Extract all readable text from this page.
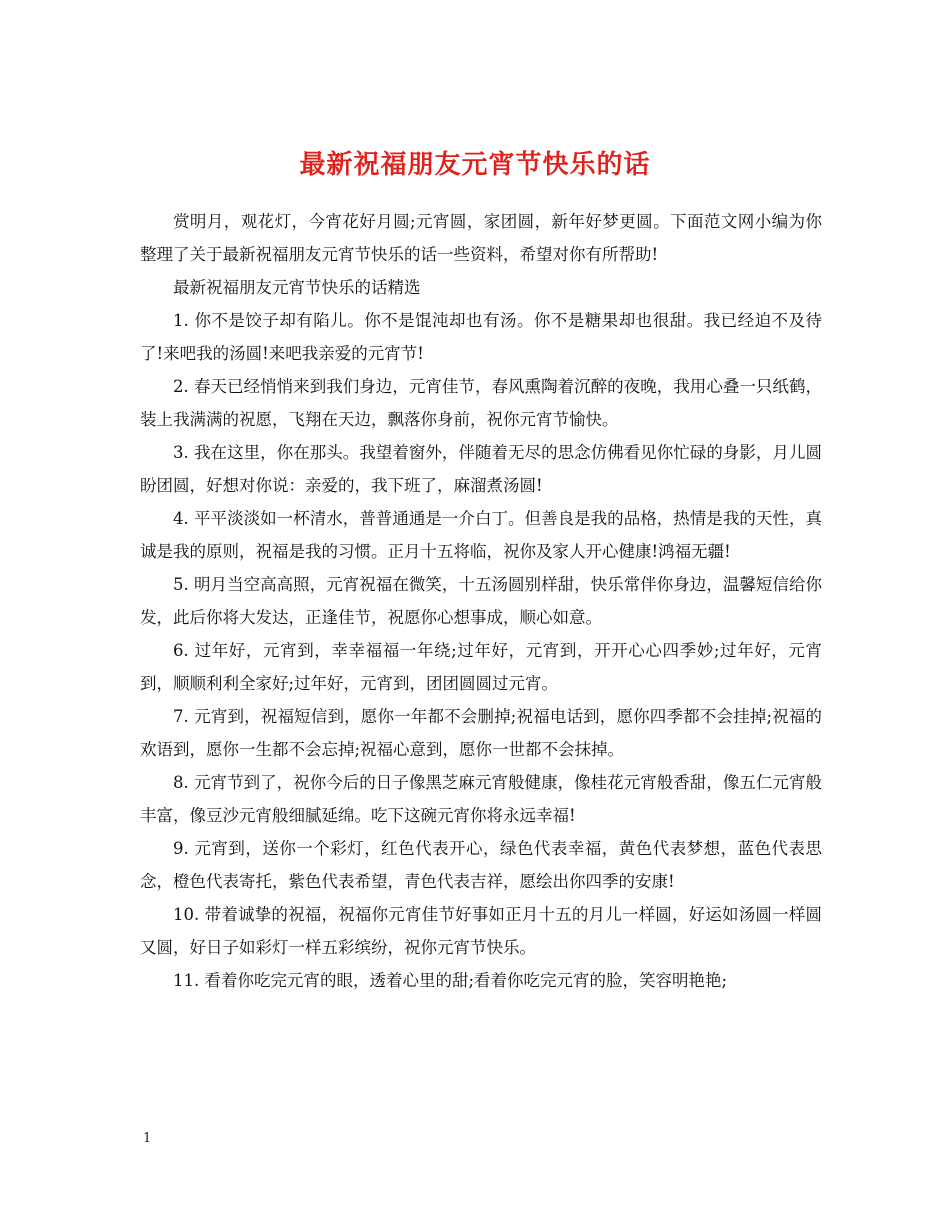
最新祝福朋友元宵节快乐的话

赏明月，观花灯，今宵花好月圆;元宵圆，家团圆，新年好梦更圆。下面范文网小编为你整理了关于最新祝福朋友元宵节快乐的话一些资料，希望对你有所帮助!

最新祝福朋友元宵节快乐的话精选

1. 你不是饺子却有陷儿。你不是馄沌却也有汤。你不是糖果却也很甜。我已经迫不及待了!来吧我的汤圆!来吧我亲爱的元宵节!

2. 春天已经悄悄来到我们身边，元宵佳节，春风熏陶着沉醉的夜晚，我用心叠一只纸鹤，装上我满满的祝愿，飞翔在天边，飘落你身前，祝你元宵节愉快。

3. 我在这里，你在那头。我望着窗外，伴随着无尽的思念仿佛看见你忙碌的身影，月儿圆盼团圆，好想对你说：亲爱的，我下班了，麻溜煮汤圆!

4. 平平淡淡如一杯清水，普普通通是一介白丁。但善良是我的品格，热情是我的天性，真诚是我的原则，祝福是我的习惯。正月十五将临，祝你及家人开心健康!鸿福无疆!

5. 明月当空高高照，元宵祝福在微笑，十五汤圆别样甜，快乐常伴你身边，温馨短信给你发，此后你将大发达，正逢佳节，祝愿你心想事成，顺心如意。

6. 过年好，元宵到，幸幸福福一年绕;过年好，元宵到，开开心心四季妙;过年好，元宵到，顺顺利利全家好;过年好，元宵到，团团圆圆过元宵。

7. 元宵到，祝福短信到，愿你一年都不会删掉;祝福电话到，愿你四季都不会挂掉;祝福的欢语到，愿你一生都不会忘掉;祝福心意到，愿你一世都不会抹掉。

8. 元宵节到了，祝你今后的日子像黑芝麻元宵般健康，像桂花元宵般香甜，像五仁元宵般丰富，像豆沙元宵般细腻延绵。吃下这碗元宵你将永远幸福!

9. 元宵到，送你一个彩灯，红色代表开心，绿色代表幸福，黄色代表梦想，蓝色代表思念，橙色代表寄托，紫色代表希望，青色代表吉祥，愿绘出你四季的安康!

10. 带着诚挚的祝福，祝福你元宵佳节好事如正月十五的月儿一样圆，好运如汤圆一样圆又圆，好日子如彩灯一样五彩缤纷，祝你元宵节快乐。

11. 看着你吃完元宵的眼，透着心里的甜;看着你吃完元宵的脸，笑容明艳艳;

1
